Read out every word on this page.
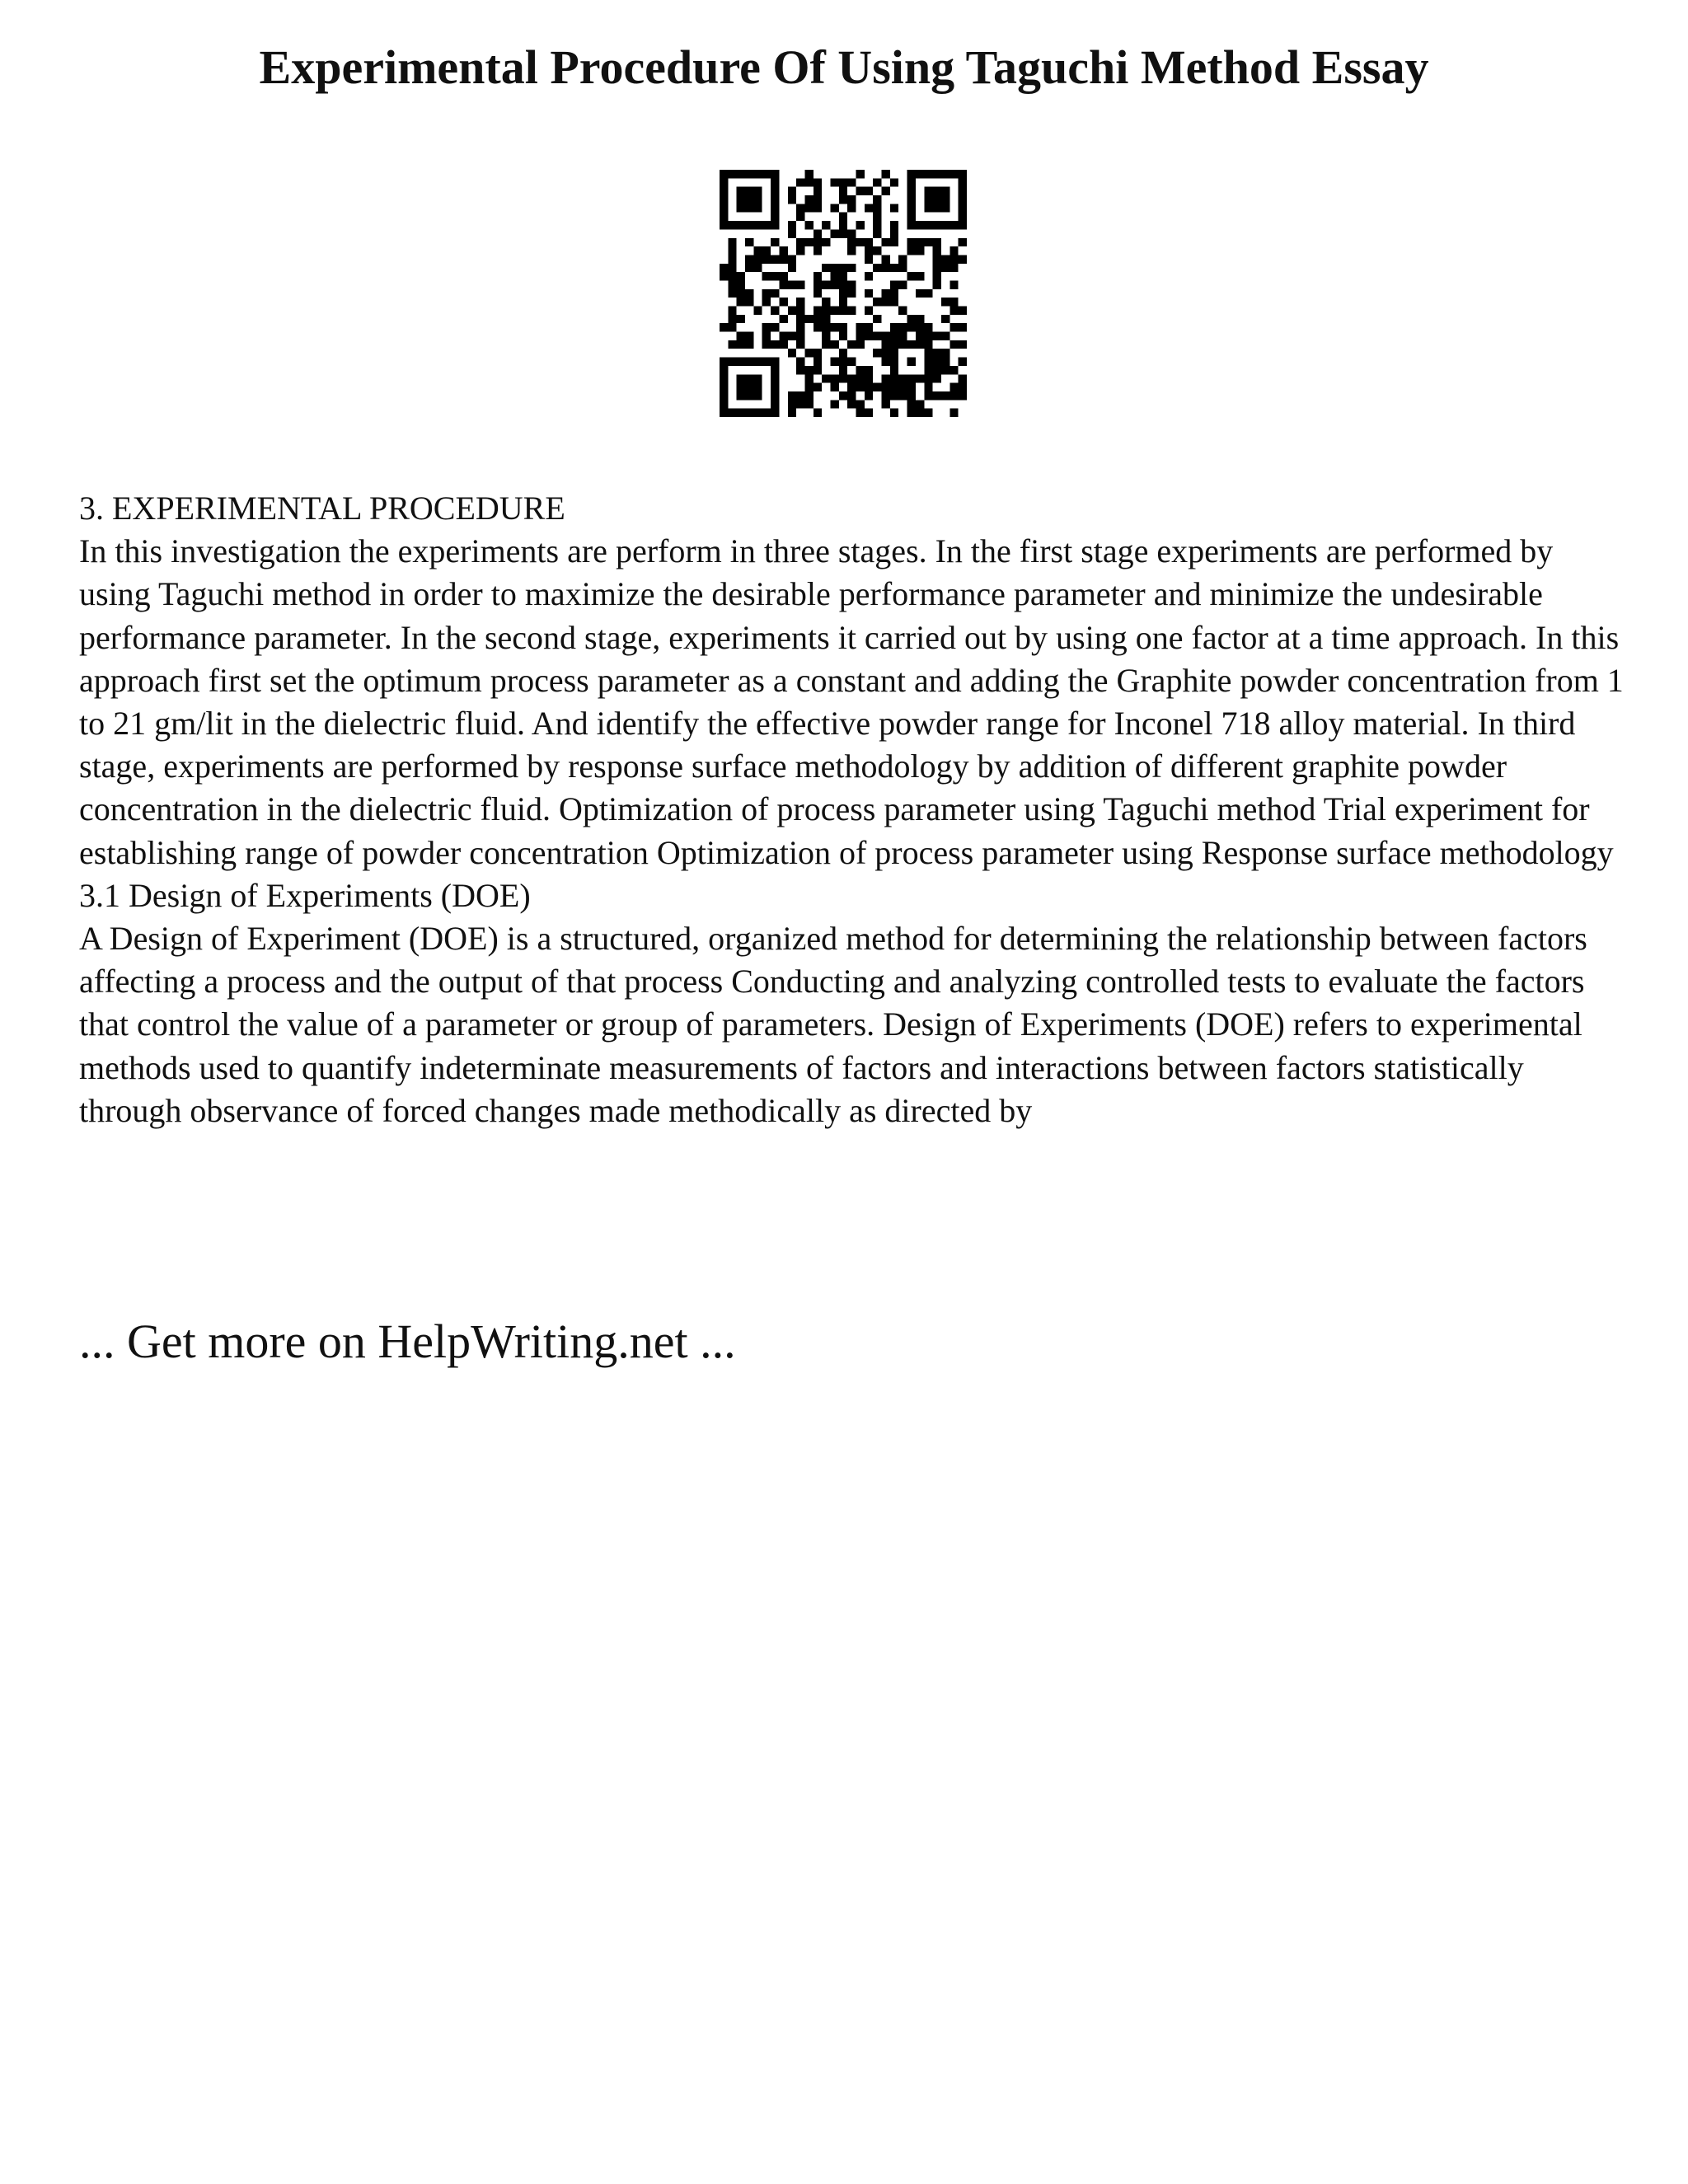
Experimental Procedure Of Using Taguchi Method Essay

3. EXPERIMENTAL PROCEDURE

In this investigation the experiments are perform in three stages. In the first stage experiments are performed by using Taguchi method in order to maximize the desirable performance parameter and minimize the undesirable performance parameter. In the second stage, experiments it carried out by using one factor at a time approach. In this approach first set the optimum process parameter as a constant and adding the Graphite powder concentration from 1 to 21 gm/lit in the dielectric fluid. And identify the effective powder range for Inconel 718 alloy material. In third stage, experiments are performed by response surface methodology by addition of different graphite powder concentration in the dielectric fluid. Optimization of process parameter using Taguchi method Trial experiment for establishing range of powder concentration Optimization of process parameter using Response surface methodology

3.1 Design of Experiments (DOE)

A Design of Experiment (DOE) is a structured, organized method for determining the relationship between factors affecting a process and the output of that process Conducting and analyzing controlled tests to evaluate the factors that control the value of a parameter or group of parameters. Design of Experiments (DOE) refers to experimental methods used to quantify indeterminate measurements of factors and interactions between factors statistically through observance of forced changes made methodically as directed by

... Get more on HelpWriting.net ...
